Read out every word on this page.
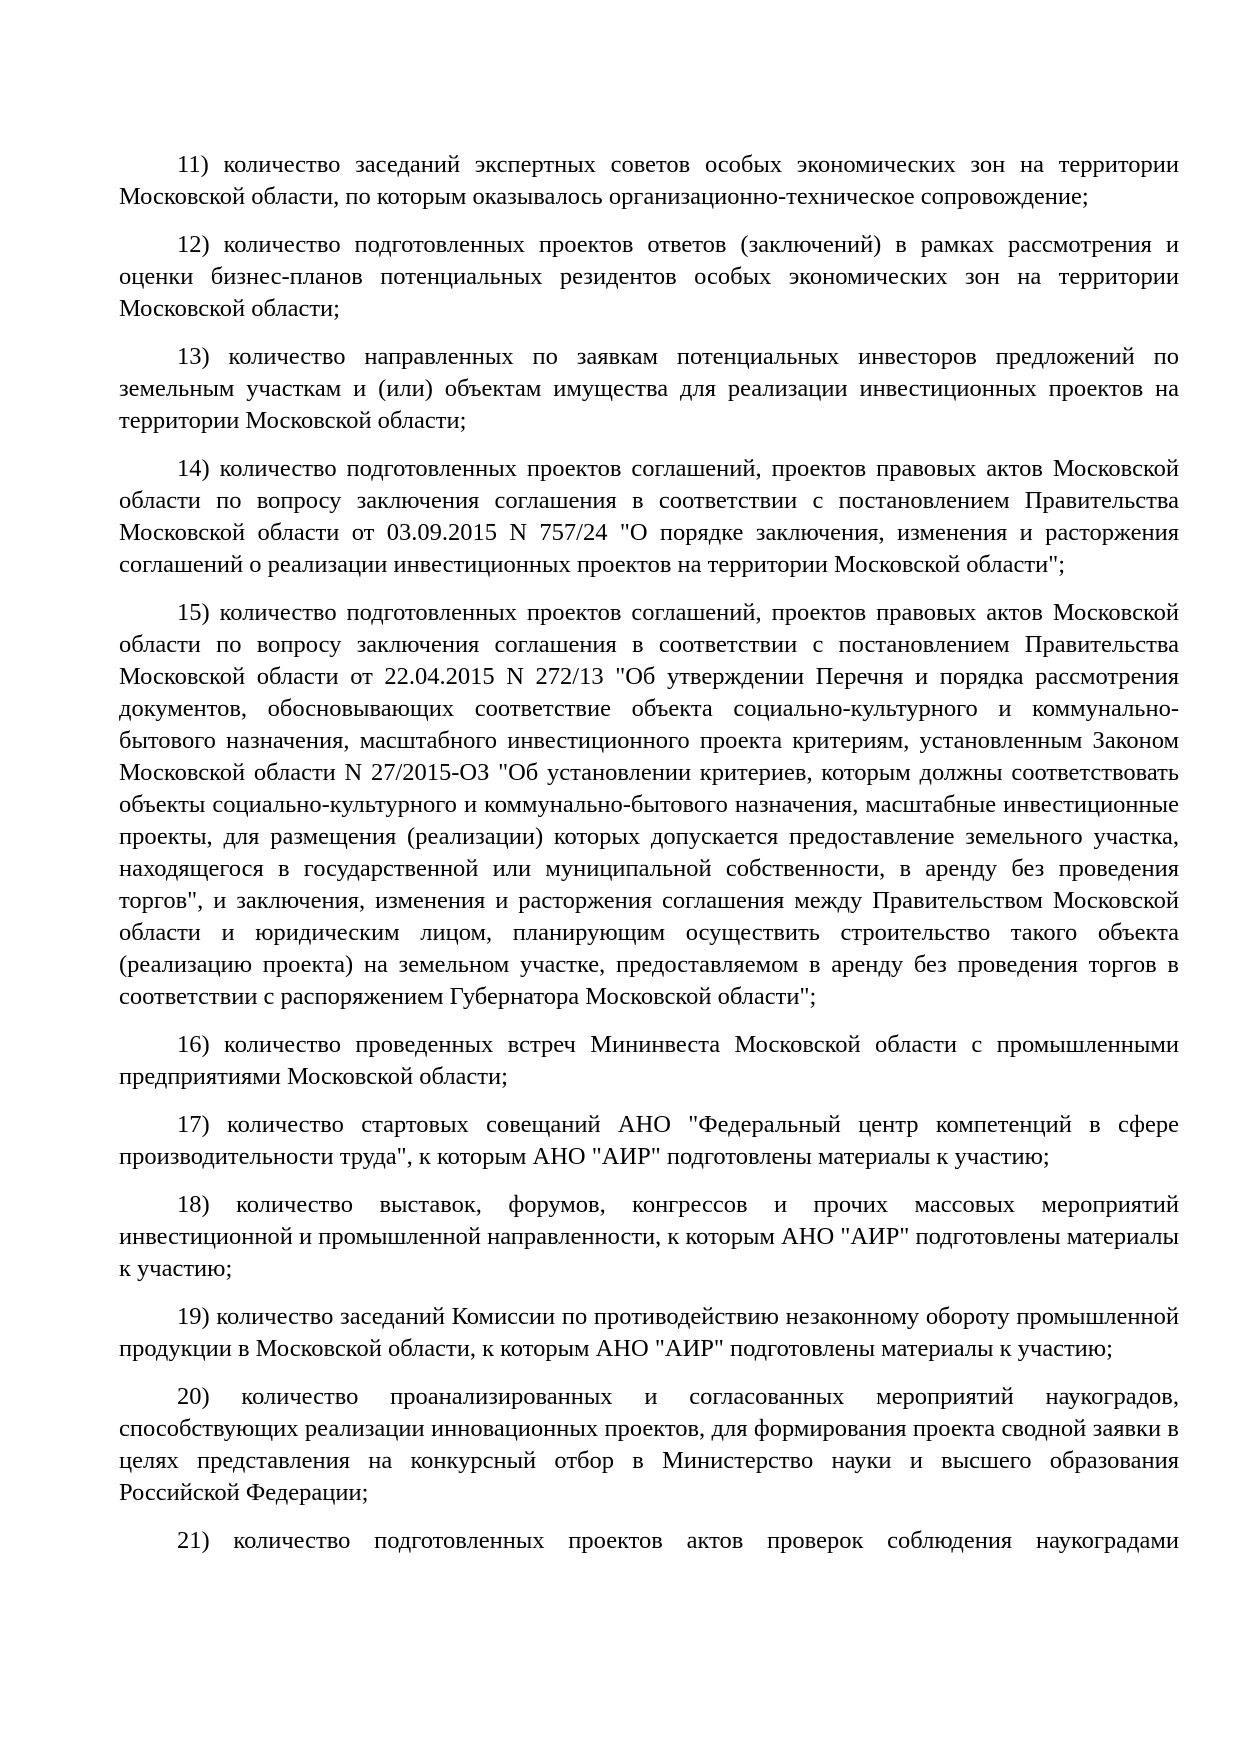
11) количество заседаний экспертных советов особых экономических зон на территории Московской области, по которым оказывалось организационно-техническое сопровождение;

12) количество подготовленных проектов ответов (заключений) в рамках рассмотрения и оценки бизнес-планов потенциальных резидентов особых экономических зон на территории Московской области;

13) количество направленных по заявкам потенциальных инвесторов предложений по земельным участкам и (или) объектам имущества для реализации инвестиционных проектов на территории Московской области;

14) количество подготовленных проектов соглашений, проектов правовых актов Московской области по вопросу заключения соглашения в соответствии с постановлением Правительства Московской области от 03.09.2015 N 757/24 "О порядке заключения, изменения и расторжения соглашений о реализации инвестиционных проектов на территории Московской области";

15) количество подготовленных проектов соглашений, проектов правовых актов Московской области по вопросу заключения соглашения в соответствии с постановлением Правительства Московской области от 22.04.2015 N 272/13 "Об утверждении Перечня и порядка рассмотрения документов, обосновывающих соответствие объекта социально-культурного и коммунально-бытового назначения, масштабного инвестиционного проекта критериям, установленным Законом Московской области N 27/2015-ОЗ "Об установлении критериев, которым должны соответствовать объекты социально-культурного и коммунально-бытового назначения, масштабные инвестиционные проекты, для размещения (реализации) которых допускается предоставление земельного участка, находящегося в государственной или муниципальной собственности, в аренду без проведения торгов", и заключения, изменения и расторжения соглашения между Правительством Московской области и юридическим лицом, планирующим осуществить строительство такого объекта (реализацию проекта) на земельном участке, предоставляемом в аренду без проведения торгов в соответствии с распоряжением Губернатора Московской области";

16) количество проведенных встреч Мининвеста Московской области с промышленными предприятиями Московской области;

17) количество стартовых совещаний АНО "Федеральный центр компетенций в сфере производительности труда", к которым АНО "АИР" подготовлены материалы к участию;

18) количество выставок, форумов, конгрессов и прочих массовых мероприятий инвестиционной и промышленной направленности, к которым АНО "АИР" подготовлены материалы к участию;

19) количество заседаний Комиссии по противодействию незаконному обороту промышленной продукции в Московской области, к которым АНО "АИР" подготовлены материалы к участию;

20) количество проанализированных и согласованных мероприятий наукоградов, способствующих реализации инновационных проектов, для формирования проекта сводной заявки в целях представления на конкурсный отбор в Министерство науки и высшего образования Российской Федерации;

21) количество подготовленных проектов актов проверок соблюдения наукоградами
